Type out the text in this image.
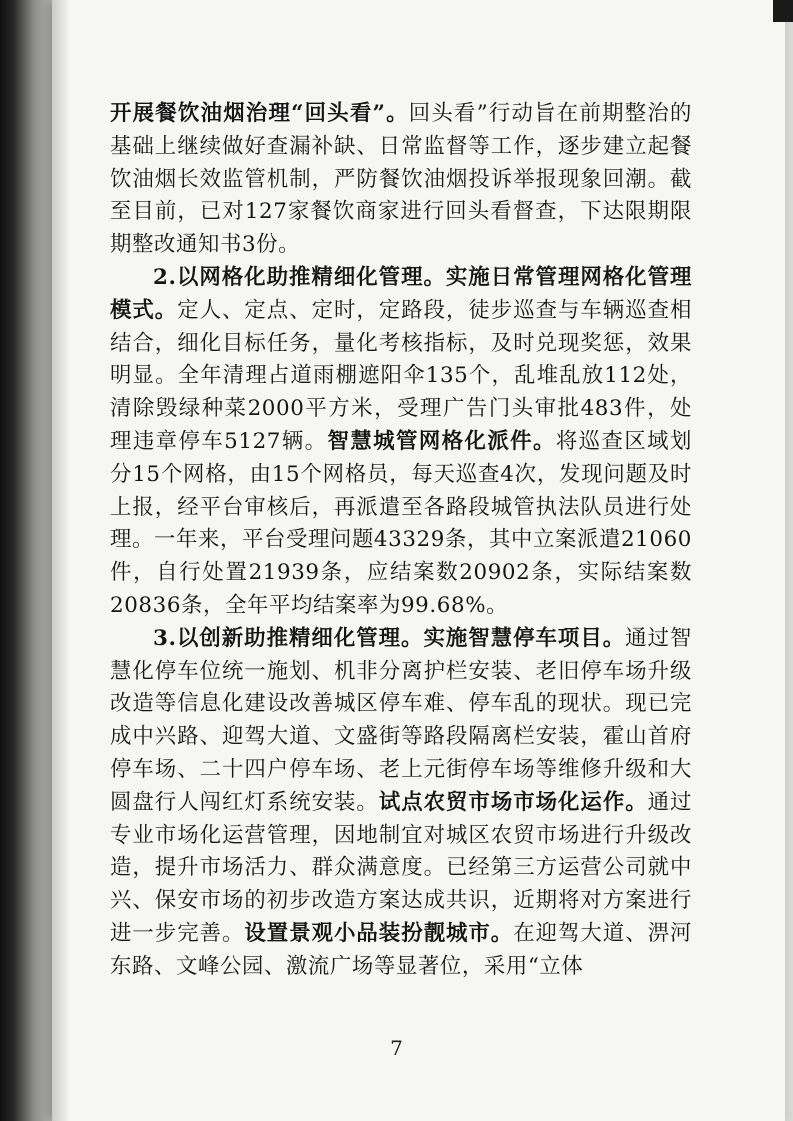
开展餐饮油烟治理“回头看”。回头看”行动旨在前期整治的基础上继续做好查漏补缺、日常监督等工作，逐步建立起餐饮油烟长效监管机制，严防餐饮油烟投诉举报现象回潮。截至目前，已对127家餐饮商家进行回头看督查，下达限期限期整改通知书3份。

2.以网格化助推精细化管理。实施日常管理网格化管理模式。定人、定点、定时，定路段，徒步巡查与车辆巡查相结合，细化目标任务，量化考核指标，及时兑现奖惩，效果明显。全年清理占道雨棚遮阳伞135个，乱堆乱放112处，清除毁绿种菜2000平方米，受理广告门头审批483件，处理违章停车5127辆。智慧城管网格化派件。将巡查区域划分15个网格，由15个网格员，每天巡查4次，发现问题及时上报，经平台审核后，再派遣至各路段城管执法队员进行处理。一年来，平台受理问题43329条，其中立案派遣21060件，自行处置21939条，应结案数20902条，实际结案数20836条，全年平均结案率为99.68%。

3.以创新助推精细化管理。实施智慧停车项目。通过智慧化停车位统一施划、机非分离护栏安装、老旧停车场升级改造等信息化建设改善城区停车难、停车乱的现状。现已完成中兴路、迎驾大道、文盛街等路段隔离栏安装，霍山首府停车场、二十四户停车场、老上元街停车场等维修升级和大圆盘行人闯红灯系统安装。试点农贸市场市场化运作。通过专业市场化运营管理，因地制宜对城区农贸市场进行升级改造，提升市场活力、群众满意度。已经第三方运营公司就中兴、保安市场的初步改造方案达成共识，近期将对方案进行进一步完善。设置景观小品装扮靓城市。在迎驾大道、淠河东路、文峰公园、激流广场等显著位，采用“立体

7
